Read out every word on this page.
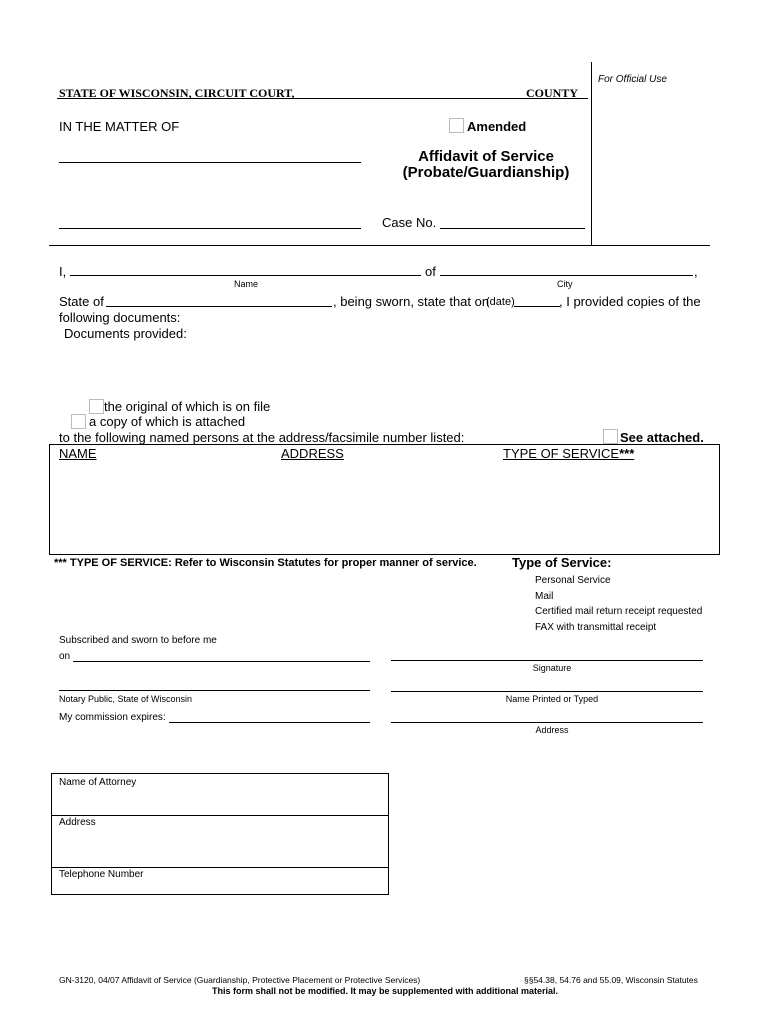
For Official Use
STATE OF WISCONSIN, CIRCUIT COURT,	COUNTY
IN THE MATTER OF	Amended
Affidavit of Service
(Probate/Guardianship)
Case No.
I,	of	,
Name	City
State of	, being sworn, state that on
(date)	, I provided copies of the
following documents:
Documents provided:
the original of which is on file
a copy of which is attached
to the following named persons at the address/facsimile number listed:	See attached.
NAME	ADDRESS	TYPE OF SERVICE***
*** TYPE OF SERVICE: Refer to Wisconsin Statutes for proper manner of service.	Type of Service:
Personal Service
Mail
Certified mail return receipt requested
FAX with transmittal receipt
Subscribed and sworn to before me
on
Signature
Notary Public, State of Wisconsin	Name Printed or Typed
My commission expires:
Address
Name of Attorney
Address
Telephone Number
GN-3120, 04/07 Affidavit of Service (Guardianship, Protective Placement or Protective Services)	§§54.38, 54.76 and 55.09, Wisconsin Statutes
This form shall not be modified. It may be supplemented with additional material.
